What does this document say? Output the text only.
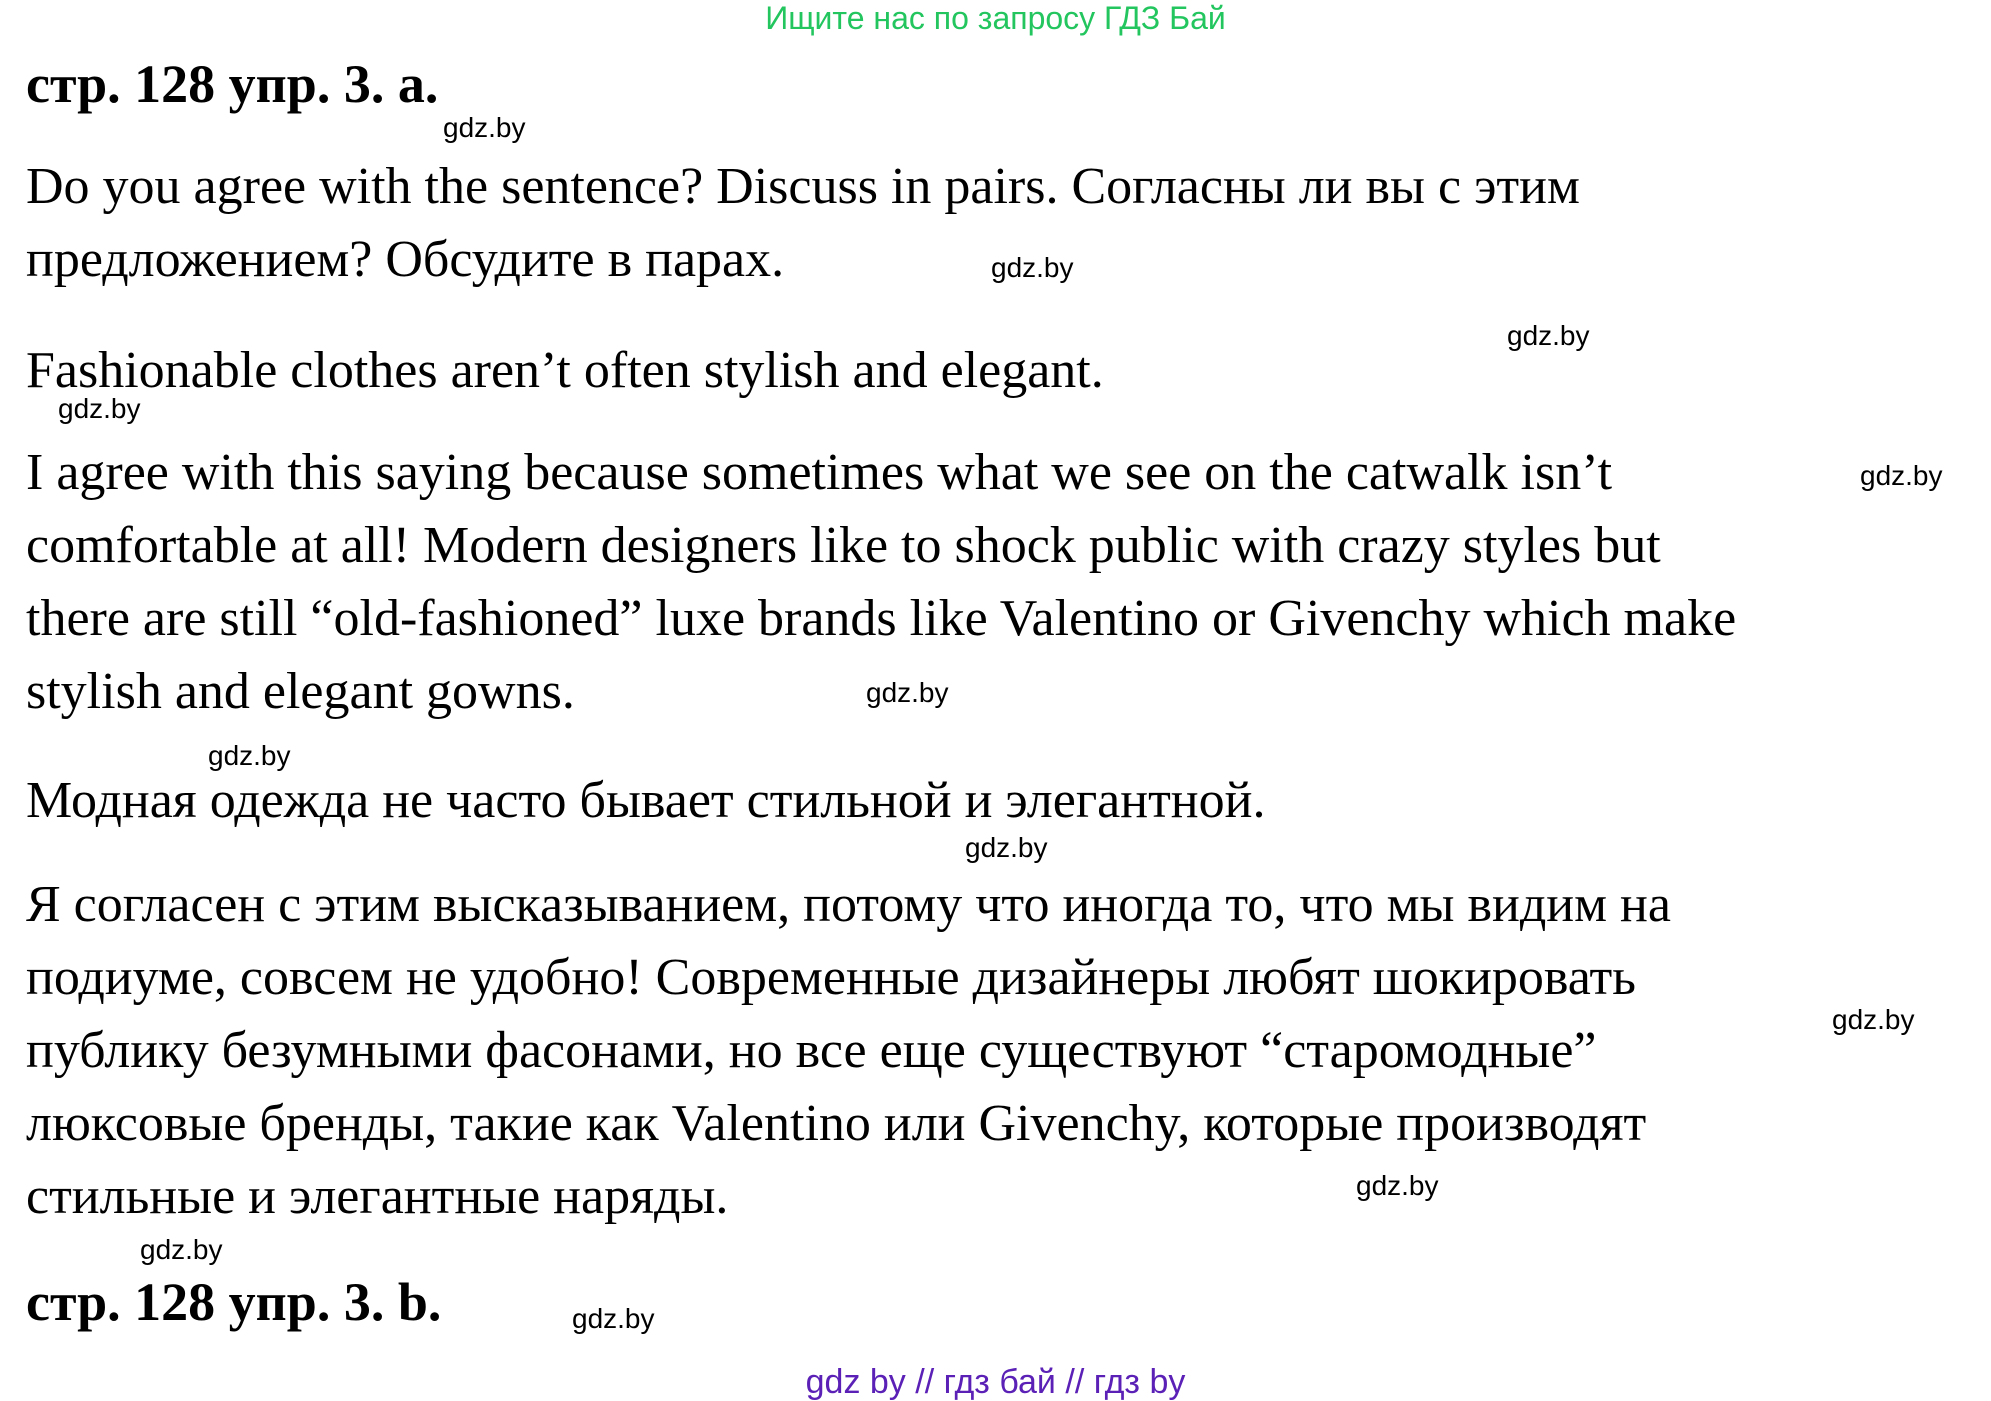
Ищите нас по запросу ГДЗ Бай
стр. 128 упр. 3. a.
Do you agree with the sentence? Discuss in pairs. Согласны ли вы с этим
предложением? Обсудите в парах.
Fashionable clothes aren’t often stylish and elegant.
I agree with this saying because sometimes what we see on the catwalk isn’t
comfortable at all! Modern designers like to shock public with crazy styles but
there are still “old-fashioned” luxe brands like Valentino or Givenchy which make
stylish and elegant gowns.
Модная одежда не часто бывает стильной и элегантной.
Я согласен с этим высказыванием, потому что иногда то, что мы видим на
подиуме, совсем не удобно! Современные дизайнеры любят шокировать
публику безумными фасонами, но все еще существуют “старомодные”
люксовые бренды, такие как Valentino или Givenchy, которые производят
стильные и элегантные наряды.
стр. 128 упр. 3. b.
gdz.by
gdz.by
gdz.by
gdz.by
gdz.by
gdz.by
gdz.by
gdz.by
gdz.by
gdz.by
gdz.by
gdz.by
gdz by // гдз бай // гдз by
